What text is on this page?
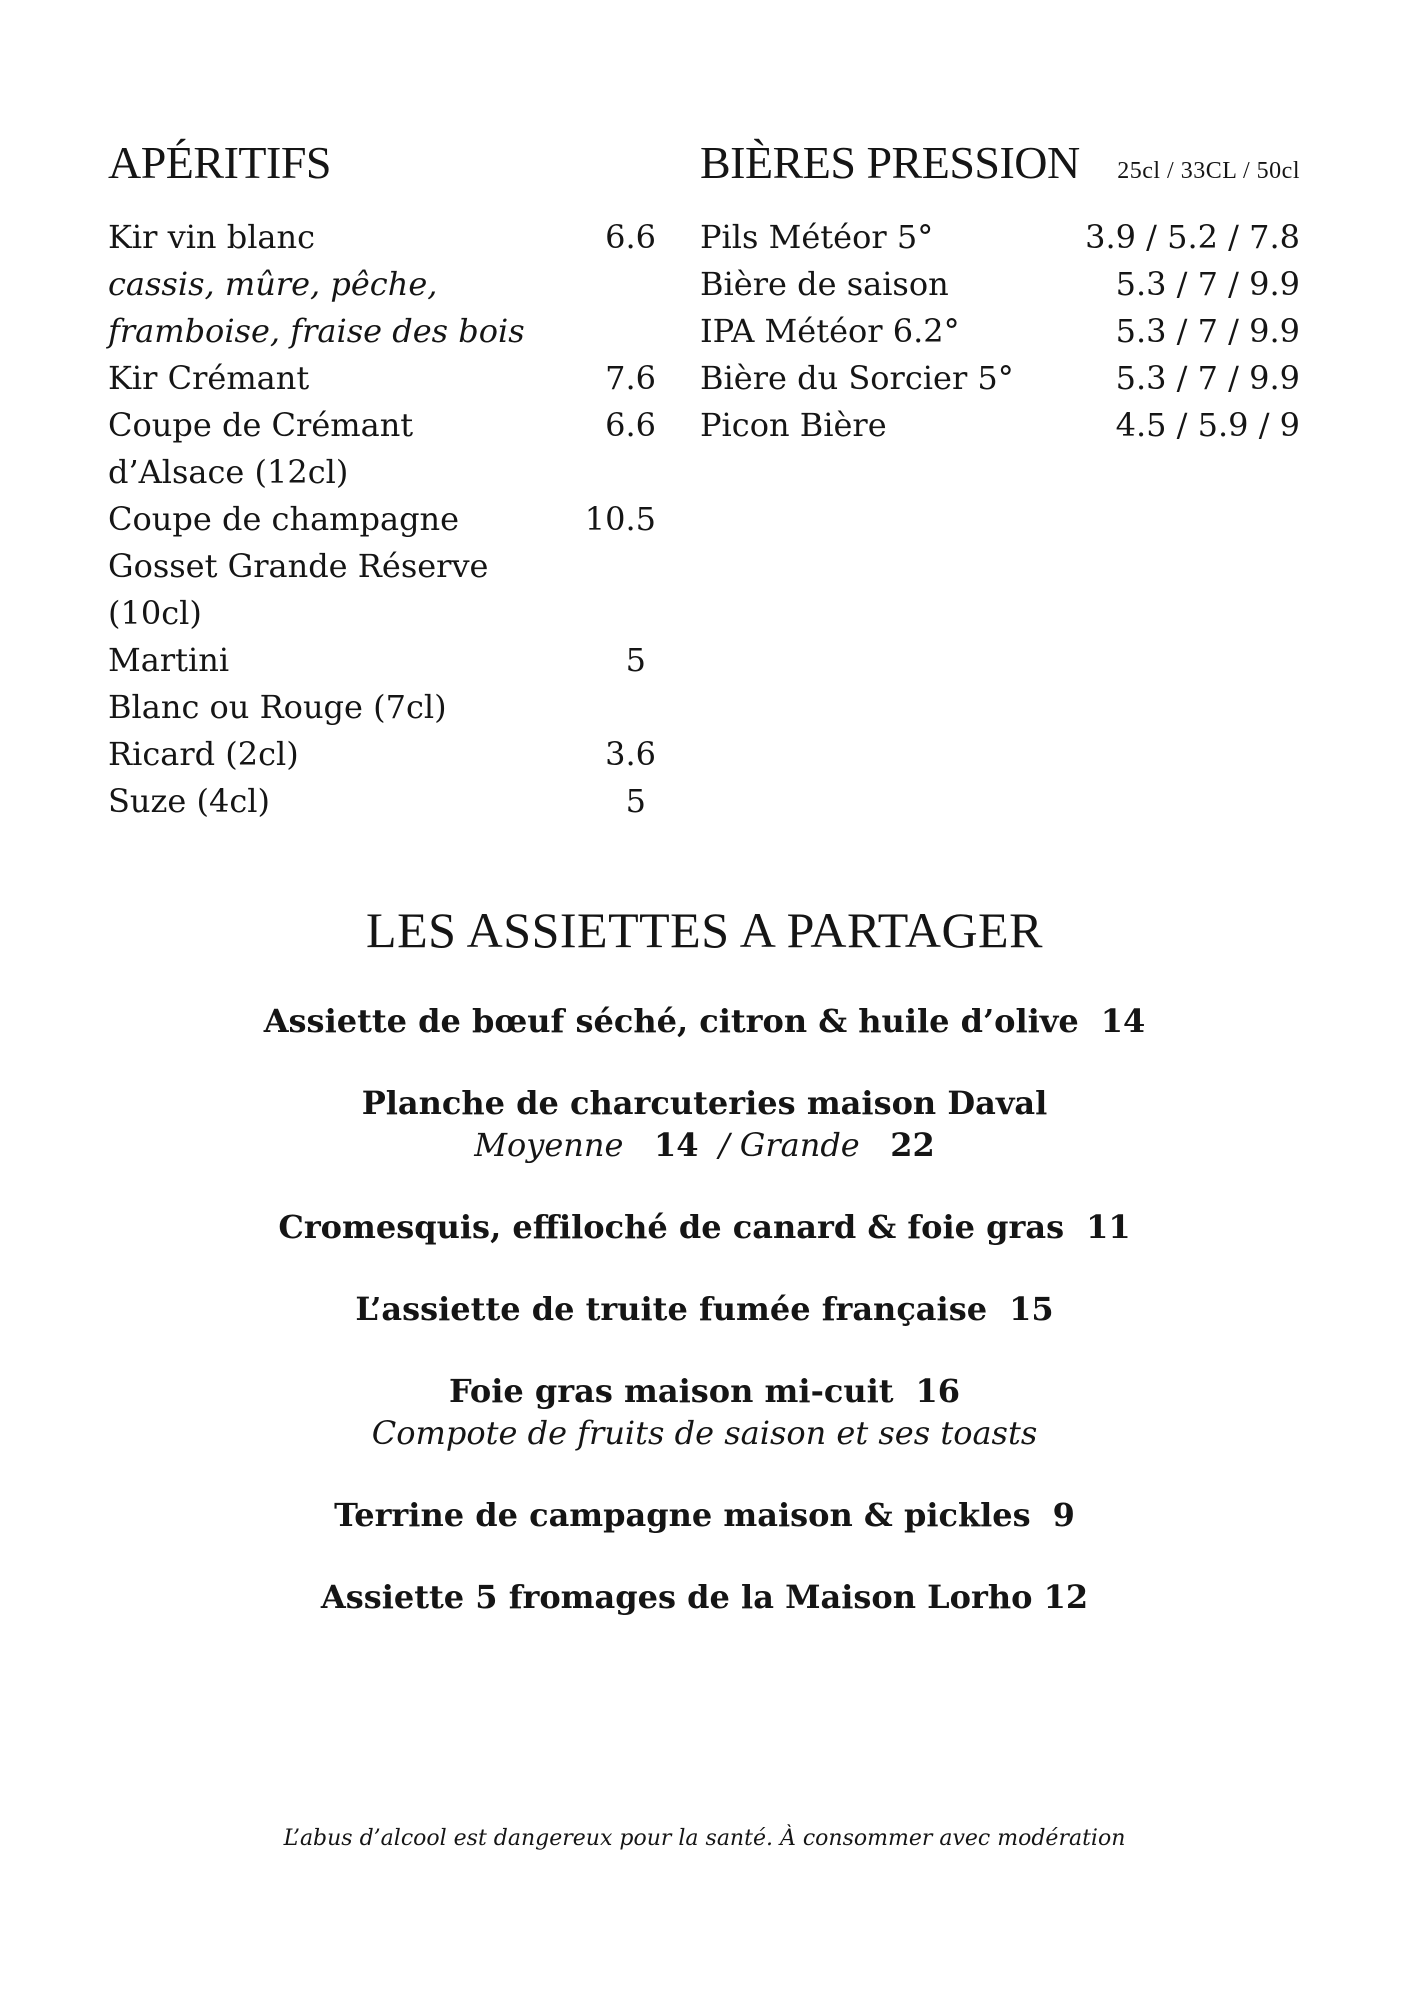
APÉRITIFS
Kir vin blanc	6.6
cassis, mûre, pêche,
framboise, fraise des bois
Kir Crémant	7.6
Coupe de Crémant	6.6
d’Alsace (12cl)
Coupe de champagne	10.5
Gosset Grande Réserve
(10cl)
Martini	5
Blanc ou Rouge (7cl)
Ricard (2cl)	3.6
Suze (4cl)	5
BIÈRES PRESSION 25cl / 33CL / 50cl
Pils Météor 5°	3.9 / 5.2 / 7.8
Bière de saison	5.3 / 7 / 9.9
IPA Météor 6.2°	5.3 / 7 / 9.9
Bière du Sorcier 5°	5.3 / 7 / 9.9
Picon Bière	4.5 / 5.9 / 9
LES ASSIETTES A PARTAGER
Assiette de bœuf séché, citron & huile d’olive 14
Planche de charcuteries maison Daval
Moyenne 14 / Grande 22
Cromesquis, effiloché de canard & foie gras 11
L’assiette de truite fumée française 15
Foie gras maison mi-cuit 16
Compote de fruits de saison et ses toasts
Terrine de campagne maison & pickles 9
Assiette 5 fromages de la Maison Lorho 12
L’abus d’alcool est dangereux pour la santé. À consommer avec modération
